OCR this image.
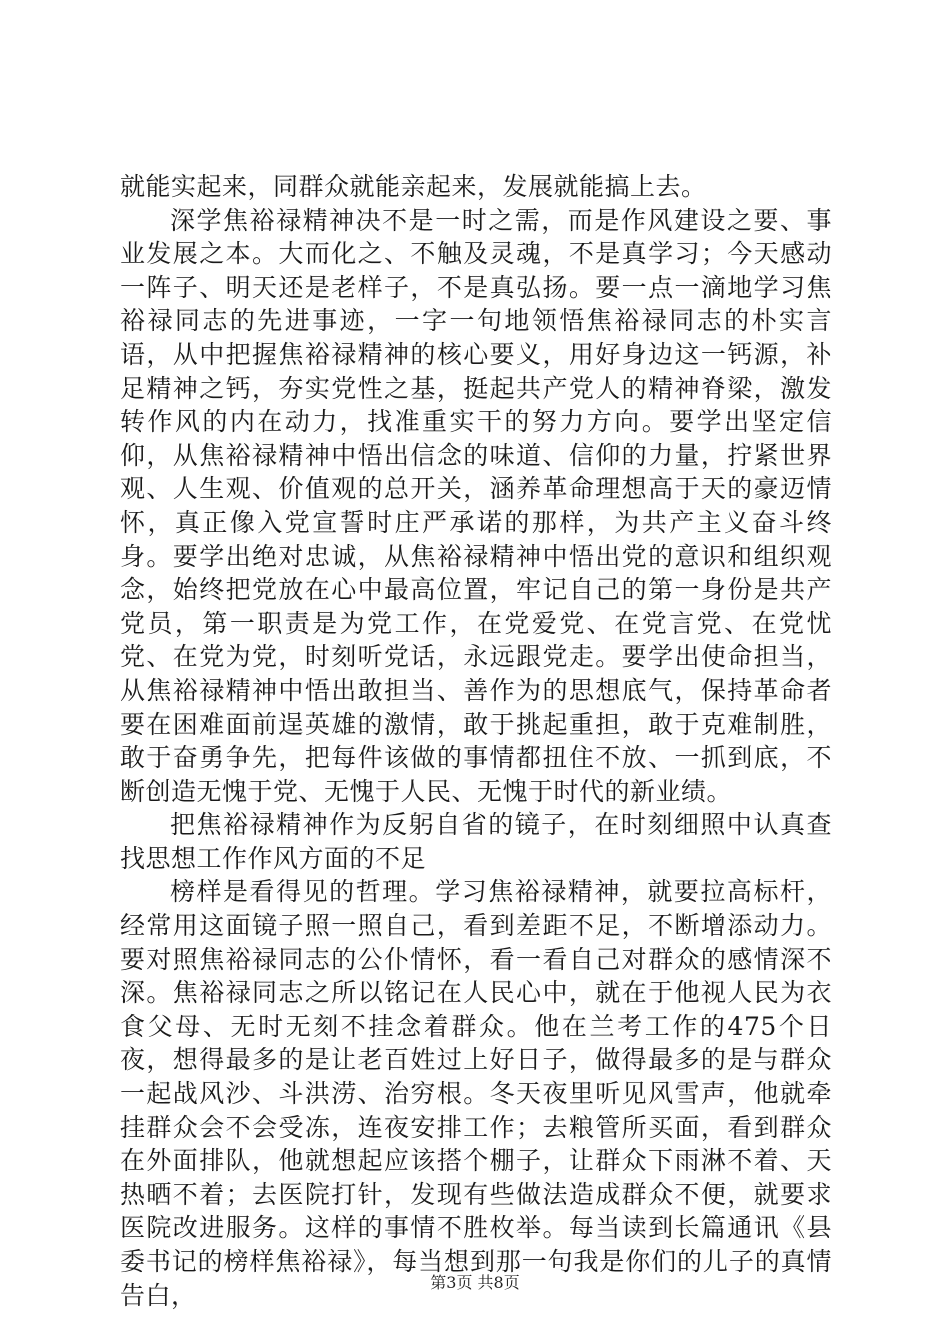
就能实起来，同群众就能亲起来，发展就能搞上去。

深学焦裕禄精神决不是一时之需，而是作风建设之要、事业发展之本。大而化之、不触及灵魂，不是真学习；今天感动一阵子、明天还是老样子，不是真弘扬。要一点一滴地学习焦裕禄同志的先进事迹，一字一句地领悟焦裕禄同志的朴实言语，从中把握焦裕禄精神的核心要义，用好身边这一钙源，补足精神之钙，夯实党性之基，挺起共产党人的精神脊梁，激发转作风的内在动力，找准重实干的努力方向。要学出坚定信仰，从焦裕禄精神中悟出信念的味道、信仰的力量，拧紧世界观、人生观、价值观的总开关，涵养革命理想高于天的豪迈情怀，真正像入党宣誓时庄严承诺的那样，为共产主义奋斗终身。要学出绝对忠诚，从焦裕禄精神中悟出党的意识和组织观念，始终把党放在心中最高位置，牢记自己的第一身份是共产党员，第一职责是为党工作，在党爱党、在党言党、在党忧党、在党为党，时刻听党话，永远跟党走。要学出使命担当，从焦裕禄精神中悟出敢担当、善作为的思想底气，保持革命者要在困难面前逞英雄的激情，敢于挑起重担，敢于克难制胜，敢于奋勇争先，把每件该做的事情都扭住不放、一抓到底，不断创造无愧于党、无愧于人民、无愧于时代的新业绩。

把焦裕禄精神作为反躬自省的镜子，在时刻细照中认真查找思想工作作风方面的不足

榜样是看得见的哲理。学习焦裕禄精神，就要拉高标杆，经常用这面镜子照一照自己，看到差距不足，不断增添动力。要对照焦裕禄同志的公仆情怀，看一看自己对群众的感情深不深。焦裕禄同志之所以铭记在人民心中，就在于他视人民为衣食父母、无时无刻不挂念着群众。他在兰考工作的475个日夜，想得最多的是让老百姓过上好日子，做得最多的是与群众一起战风沙、斗洪涝、治穷根。冬天夜里听见风雪声，他就牵挂群众会不会受冻，连夜安排工作；去粮管所买面，看到群众在外面排队，他就想起应该搭个棚子，让群众下雨淋不着、天热晒不着；去医院打针，发现有些做法造成群众不便，就要求医院改进服务。这样的事情不胜枚举。每当读到长篇通讯《县委书记的榜样焦裕禄》，每当想到那一句我是你们的儿子的真情告白，	第3页 共8页
